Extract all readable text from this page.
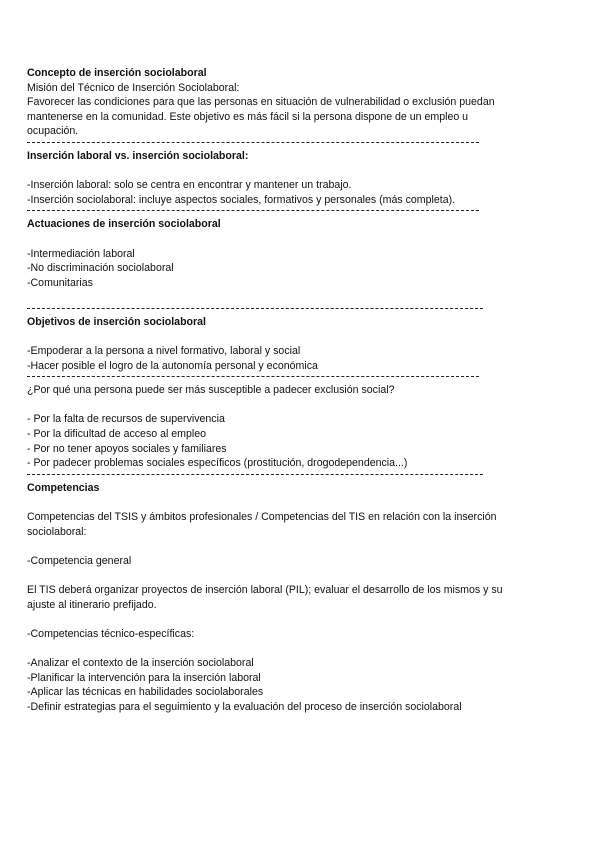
Concepto de inserción sociolaboral

Misión del Técnico de Inserción Sociolaboral:

Favorecer las condiciones para que las personas en situación de vulnerabilidad o exclusión puedan

mantenerse en la comunidad. Este objetivo es más fácil si la persona dispone de un empleo u

ocupación.

Inserción laboral vs. inserción sociolaboral:

-Inserción laboral: solo se centra en encontrar y mantener un trabajo.

-Inserción sociolaboral: incluye aspectos sociales, formativos y personales (más completa).

Actuaciones de inserción sociolaboral

-Intermediación laboral

-No discriminación sociolaboral

-Comunitarias

Objetivos de inserción sociolaboral

-Empoderar a la persona a nivel formativo, laboral y social

-Hacer posible el logro de la autonomía personal y económica

¿Por qué una persona puede ser más susceptible a padecer exclusión social?

- Por la falta de recursos de supervivencia

- Por la dificultad de acceso al empleo

- Por no tener apoyos sociales y familiares

- Por padecer problemas sociales específicos (prostitución, drogodependencia...)

Competencias

Competencias del TSIS y ámbitos profesionales / Competencias del TIS en relación con la inserción

sociolaboral:

-Competencia general

El TIS deberá organizar proyectos de inserción laboral (PIL); evaluar el desarrollo de los mismos y su

ajuste al itinerario prefijado.

-Competencias técnico-específicas:

-Analizar el contexto de la inserción sociolaboral

-Planificar la intervención para la inserción laboral

-Aplicar las técnicas en habilidades sociolaborales

-Definir estrategias para el seguimiento y la evaluación del proceso de inserción sociolaboral
